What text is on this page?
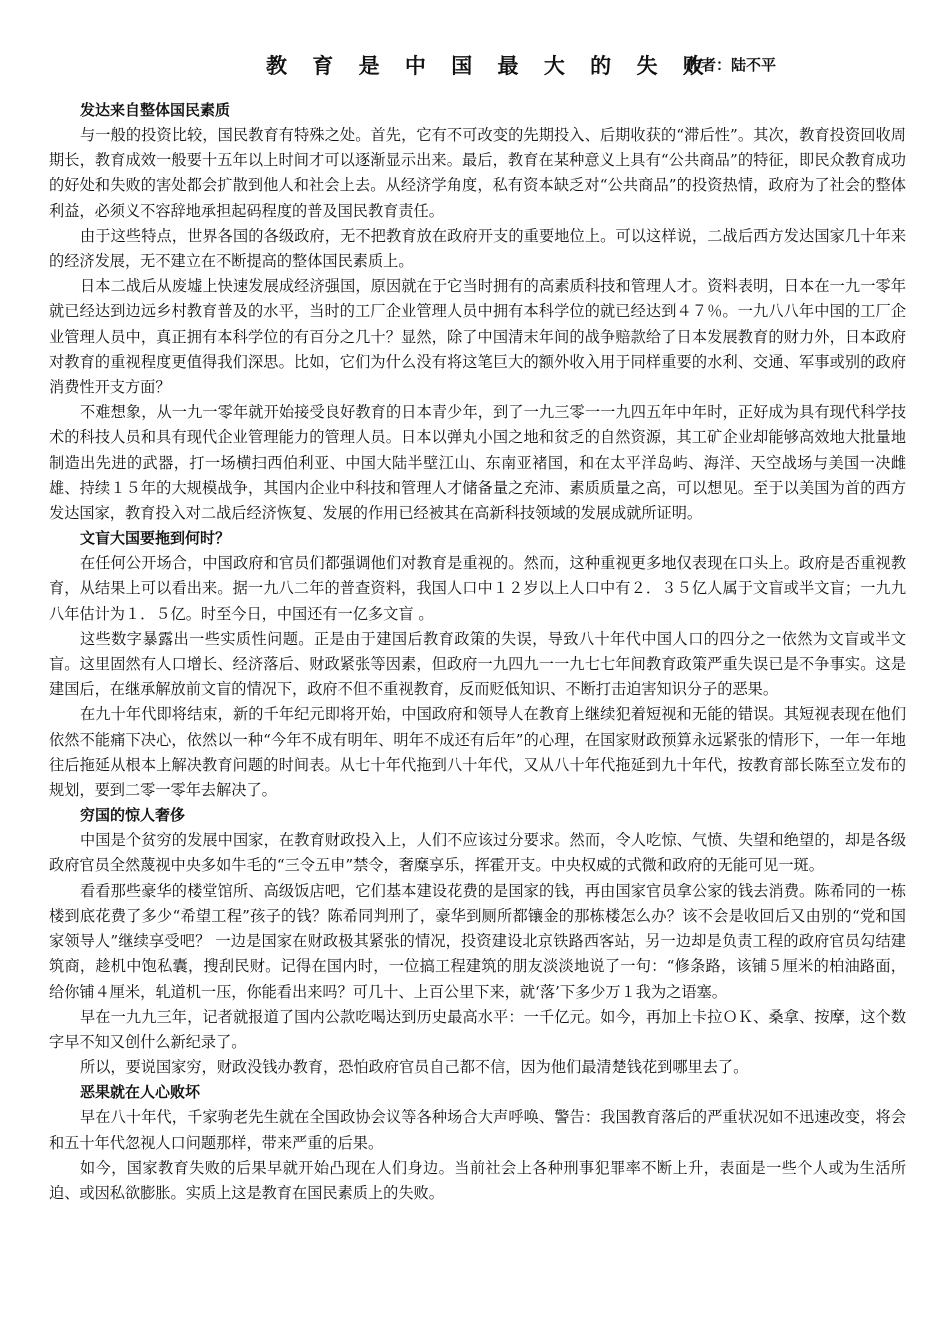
教 育 是 中 国 最 大 的 失 败
作者：陆不平
发达来自整体国民素质

与一般的投资比较，国民教育有特殊之处。首先，它有不可改变的先期投入、后期收获的“滞后性”。其次，教育投资回收周期长，教育成效一般要十五年以上时间才可以逐渐显示出来。最后，教育在某种意义上具有“公共商品”的特征，即民众教育成功的好处和失败的害处都会扩散到他人和社会上去。从经济学角度，私有资本缺乏对“公共商品”的投资热情，政府为了社会的整体利益，必须义不容辞地承担起码程度的普及国民教育责任。

由于这些特点，世界各国的各级政府，无不把教育放在政府开支的重要地位上。可以这样说，二战后西方发达国家几十年来的经济发展，无不建立在不断提高的整体国民素质上。

日本二战后从废墟上快速发展成经济强国，原因就在于它当时拥有的高素质科技和管理人才。资料表明，日本在一九一零年就已经达到边远乡村教育普及的水平，当时的工厂企业管理人员中拥有本科学位的就已经达到４７％。一九八八年中国的工厂企业管理人员中，真正拥有本科学位的有百分之几十？显然，除了中国清末年间的战争赔款给了日本发展教育的财力外，日本政府对教育的重视程度更值得我们深思。比如，它们为什么没有将这笔巨大的额外收入用于同样重要的水利、交通、军事或别的政府消费性开支方面？

不难想象，从一九一零年就开始接受良好教育的日本青少年，到了一九三零一一九四五年中年时，正好成为具有现代科学技术的科技人员和具有现代企业管理能力的管理人员。日本以弹丸小国之地和贫乏的自然资源，其工矿企业却能够高效地大批量地制造出先进的武器，打一场横扫西伯利亚、中国大陆半壁江山、东南亚褚国，和在太平洋岛屿、海洋、天空战场与美国一决雌雄、持续１５年的大规模战争，其国内企业中科技和管理人才储备量之充沛、素质质量之高，可以想见。至于以美国为首的西方发达国家，教育投入对二战后经济恢复、发展的作用已经被其在高新科技领域的发展成就所证明。

文盲大国要拖到何时？

在任何公开场合，中国政府和官员们都强调他们对教育是重视的。然而，这种重视更多地仅表现在口头上。政府是否重视教育，从结果上可以看出来。据一九八二年的普查资料，我国人口中１２岁以上人口中有２．３５亿人属于文盲或半文盲；一九九八年估计为１．５亿。时至今日，中国还有一亿多文盲 。

这些数字暴露出一些实质性问题。正是由于建国后教育政策的失误，导致八十年代中国人口的四分之一依然为文盲或半文盲。这里固然有人口增长、经济落后、财政紧张等因素，但政府一九四九一一九七七年间教育政策严重失误已是不争事实。这是建国后，在继承解放前文盲的情况下，政府不但不重视教育，反而贬低知识、不断打击迫害知识分子的恶果。

在九十年代即将结束，新的千年纪元即将开始，中国政府和领导人在教育上继续犯着短视和无能的错误。其短视表现在他们依然不能痛下决心，依然以一种“今年不成有明年、明年不成还有后年”的心理，在国家财政预算永远紧张的情形下，一年一年地往后拖延从根本上解决教育问题的时间表。从七十年代拖到八十年代，又从八十年代拖延到九十年代，按教育部长陈至立发布的规划，要到二零一零年去解决了。

穷国的惊人奢侈

中国是个贫穷的发展中国家，在教育财政投入上，人们不应该过分要求。然而，令人吃惊、气愤、失望和绝望的，却是各级政府官员全然蔑视中央多如牛毛的“三令五申”禁令，奢糜享乐，挥霍开支。中央权威的式微和政府的无能可见一斑。

看看那些豪华的楼堂馆所、高级饭店吧，它们基本建设花费的是国家的钱，再由国家官员拿公家的钱去消费。陈希同的一栋楼到底花费了多少“希望工程”孩子的钱？陈希同判刑了，豪华到厕所都镶金的那栋楼怎么办？该不会是收回后又由别的“党和国家领导人”继续享受吧？ 一边是国家在财政极其紧张的情况，投资建设北京铁路西客站，另一边却是负责工程的政府官员勾结建筑商，趁机中饱私囊，搜刮民财。记得在国内时，一位搞工程建筑的朋友淡淡地说了一句：“修条路，该铺５厘米的柏油路面，给你铺４厘米，轧道机一压，你能看出来吗？可几十、上百公里下来，就‘落’下多少万１我为之语塞。

早在一九九三年，记者就报道了国内公款吃喝达到历史最高水平：一千亿元。如今，再加上卡拉ＯＫ、桑拿、按摩，这个数字早不知又创什么新纪录了。

所以，要说国家穷，财政没钱办教育，恐怕政府官员自己都不信，因为他们最清楚钱花到哪里去了。

恶果就在人心败坏

早在八十年代，千家驹老先生就在全国政协会议等各种场合大声呼唤、警告：我国教育落后的严重状况如不迅速改变，将会和五十年代忽视人口问题那样，带来严重的后果。

如今，国家教育失败的后果早就开始凸现在人们身边。当前社会上各种刑事犯罪率不断上升，表面是一些个人或为生活所迫、或因私欲膨胀。实质上这是教育在国民素质上的失败。
